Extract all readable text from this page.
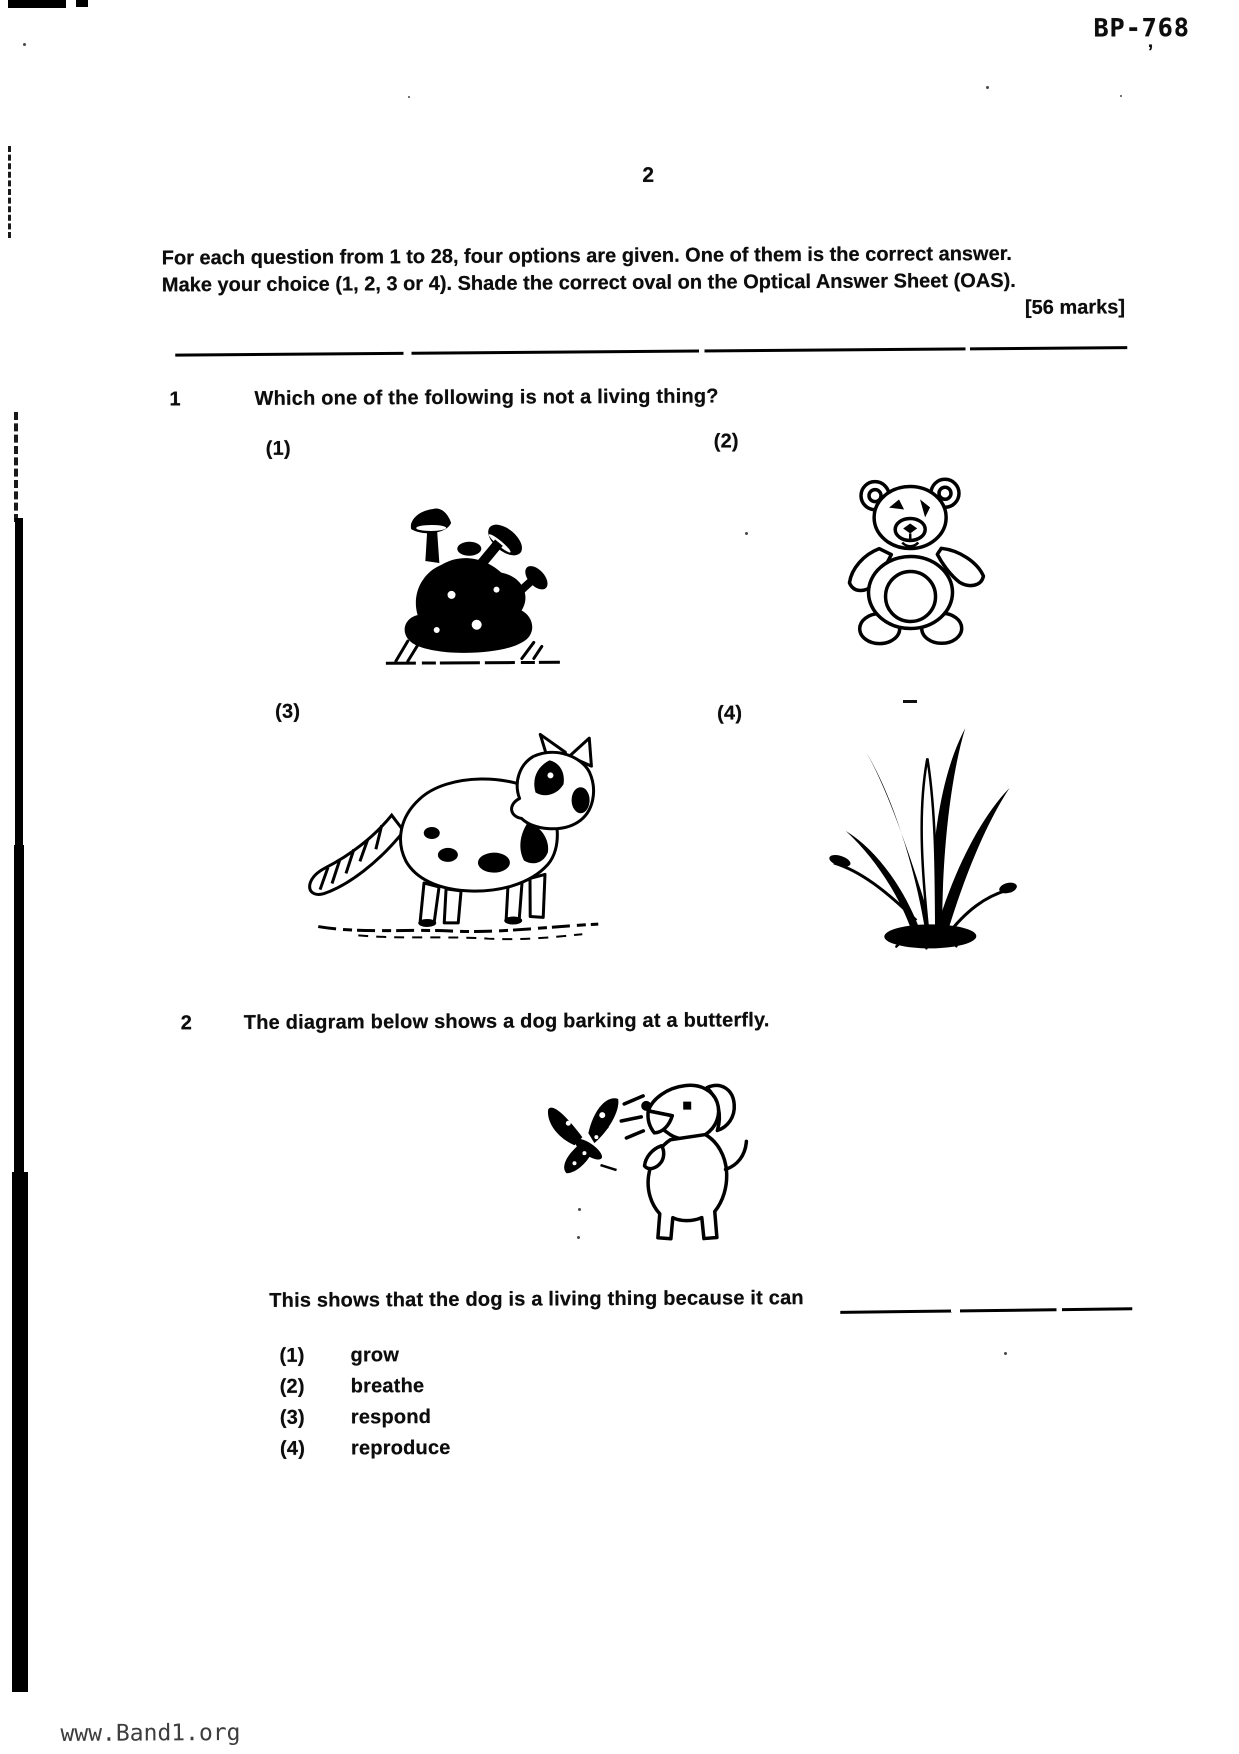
BP-768
’
2
For each question from 1 to 28, four options are given. One of them is the correct answer.
Make your choice (1, 2, 3 or 4). Shade the correct oval on the Optical Answer Sheet (OAS).
[56 marks]
1	Which one of the following is not a living thing?
(1)	(2)
(3)	(4)
2	The diagram below shows a dog barking at a butterfly.
This shows that the dog is a living thing because it can
(1) grow
(2) breathe
(3) respond
(4) reproduce
www.Band1.org
